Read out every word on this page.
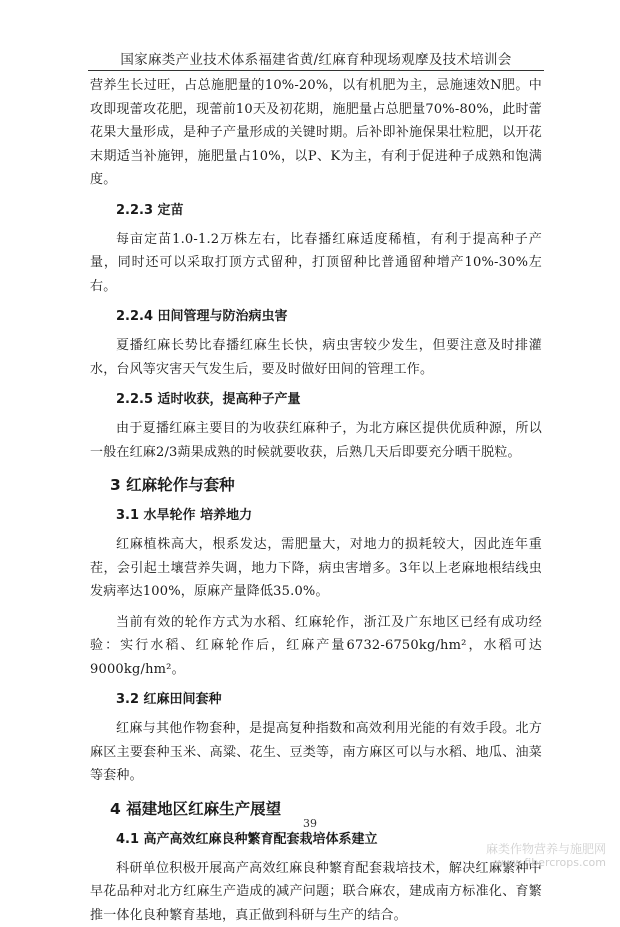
国家麻类产业技术体系福建省黄/红麻育种现场观摩及技术培训会

营养生长过旺，占总施肥量的10%-20%，以有机肥为主，忌施速效N肥。中攻即现蕾攻花肥，现蕾前10天及初花期，施肥量占总肥量70%-80%，此时蕾花果大量形成，是种子产量形成的关键时期。后补即补施保果壮粒肥，以开花末期适当补施钾，施肥量占10%，以P、K为主，有利于促进种子成熟和饱满度。

2.2.3 定苗

每亩定苗1.0-1.2万株左右，比春播红麻适度稀植，有利于提高种子产量，同时还可以采取打顶方式留种，打顶留种比普通留种增产10%-30%左右。

2.2.4 田间管理与防治病虫害

夏播红麻长势比春播红麻生长快，病虫害较少发生，但要注意及时排灌水，台风等灾害天气发生后，要及时做好田间的管理工作。

2.2.5 适时收获，提高种子产量

由于夏播红麻主要目的为收获红麻种子，为北方麻区提供优质种源，所以一般在红麻2/3蒴果成熟的时候就要收获，后熟几天后即要充分晒干脱粒。

3 红麻轮作与套种
3.1 水旱轮作 培养地力

红麻植株高大，根系发达，需肥量大，对地力的损耗较大，因此连年重茬，会引起土壤营养失调，地力下降，病虫害增多。3年以上老麻地根结线虫发病率达100%，原麻产量降低35.0%。

当前有效的轮作方式为水稻、红麻轮作，浙江及广东地区已经有成功经验：实行水稻、红麻轮作后，红麻产量6732-6750kg/hm²，水稻可达9000kg/hm²。

3.2 红麻田间套种

红麻与其他作物套种，是提高复种指数和高效利用光能的有效手段。北方麻区主要套种玉米、高粱、花生、豆类等，南方麻区可以与水稻、地瓜、油菜等套种。

4 福建地区红麻生产展望
4.1 高产高效红麻良种繁育配套栽培体系建立

科研单位积极开展高产高效红麻良种繁育配套栽培技术，解决红麻繁种中早花品种对北方红麻生产造成的减产问题；联合麻农，建成南方标准化、育繁推一体化良种繁育基地，真正做到科研与生产的结合。

39
麻类作物营养与施肥网
www.fibercrops.com
